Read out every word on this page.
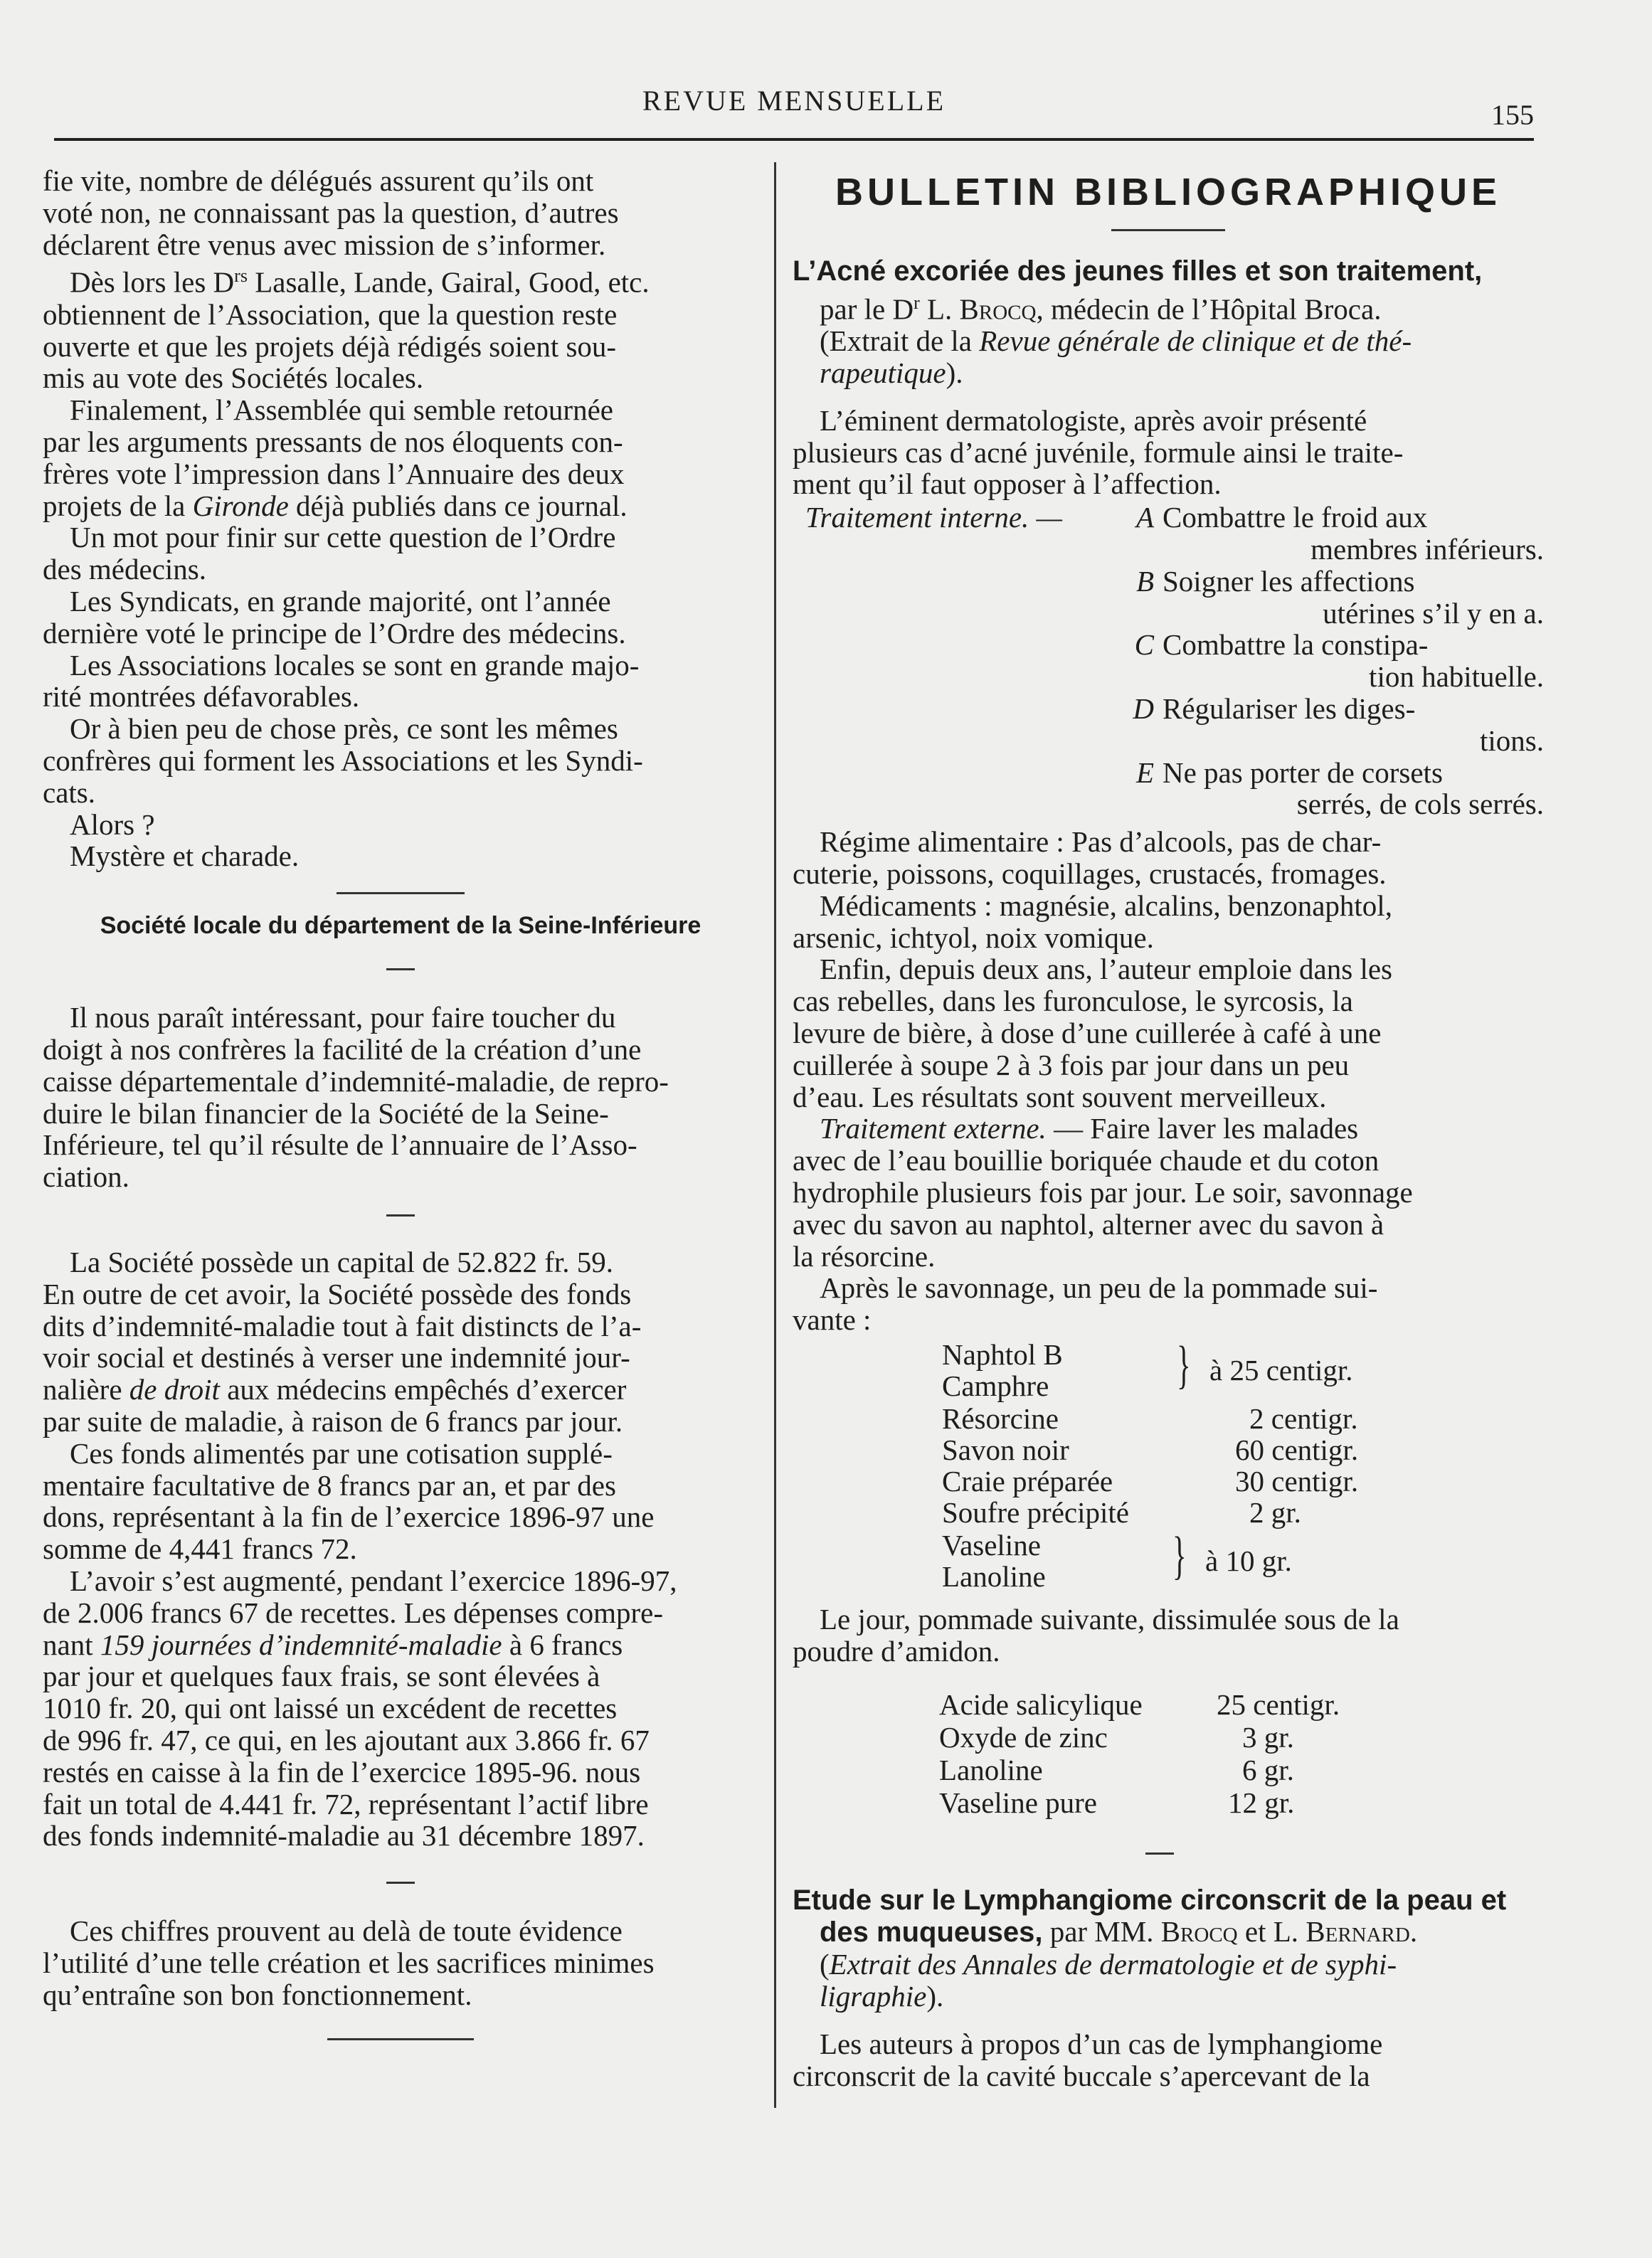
REVUE MENSUELLE	155

fie vite, nombre de délégués assurent qu’ils ont

voté non, ne connaissant pas la question, d’autres

déclarent être venus avec mission de s’informer.

Dès lors les $D^{rs}$ Lasalle, Lande, Gairal, Good, etc.

obtiennent de l’Association, que la question reste

ouverte et que les projets déjà rédigés soient sou-

mis au vote des Sociétés locales.

Finalement, l’Assemblée qui semble retournée

par les arguments pressants de nos éloquents con-

frères vote l’impression dans l’Annuaire des deux

projets de la Gironde déjà publiés dans ce journal.

Un mot pour finir sur cette question de l’Ordre

des médecins.

Les Syndicats, en grande majorité, ont l’année

dernière voté le principe de l’Ordre des médecins.

Les Associations locales se sont en grande majo-

rité montrées défavorables.

Or à bien peu de chose près, ce sont les mêmes

confrères qui forment les Associations et les Syndi-

cats.

Alors ?

Mystère et charade.

Société locale du département de la Seine-Inférieure

Il nous paraît intéressant, pour faire toucher du

doigt à nos confrères la facilité de la création d’une

caisse départementale d’indemnité-maladie, de repro-

duire le bilan financier de la Société de la Seine-

Inférieure, tel qu’il résulte de l’annuaire de l’Asso-

ciation.

La Société possède un capital de 52.822 fr. 59.

En outre de cet avoir, la Société possède des fonds

dits d’indemnité-maladie tout à fait distincts de l’a-

voir social et destinés à verser une indemnité jour-

nalière de droit aux médecins empêchés d’exercer

par suite de maladie, à raison de 6 francs par jour.

Ces fonds alimentés par une cotisation supplé-

mentaire facultative de 8 francs par an, et par des

dons, représentant à la fin de l’exercice 1896-97 une

somme de 4,441 francs 72.

L’avoir s’est augmenté, pendant l’exercice 1896-97,

de 2.006 francs 67 de recettes. Les dépenses compre-

nant 159 journées d’indemnité-maladie à 6 francs

par jour et quelques faux frais, se sont élevées à

1010 fr. 20, qui ont laissé un excédent de recettes

de 996 fr. 47, ce qui, en les ajoutant aux 3.866 fr. 67

restés en caisse à la fin de l’exercice 1895-96. nous

fait un total de 4.441 fr. 72, représentant l’actif libre

des fonds indemnité-maladie au 31 décembre 1897.

Ces chiffres prouvent au delà de toute évidence

l’utilité d’une telle création et les sacrifices minimes

qu’entraîne son bon fonctionnement.

BULLETIN BIBLIOGRAPHIQUE

L’Acné excoriée des jeunes filles et son traitement,

par le $D^r$ L. Brocq, médecin de l’Hôpital Broca.

(Extrait de la Revue générale de clinique et de thé-

rapeutique).

L’éminent dermatologiste, après avoir présenté

plusieurs cas d’acné juvénile, formule ainsi le traite-

ment qu’il faut opposer à l’affection.

Traitement interne. —	A Combattre le froid aux

membres inférieurs.

B Soigner les affections

utérines s’il y en a.

C Combattre la constipa-

tion habituelle.

D Régulariser les diges-

tions.

E Ne pas porter de corsets

serrés, de cols serrés.

Régime alimentaire : Pas d’alcools, pas de char-

cuterie, poissons, coquillages, crustacés, fromages.

Médicaments : magnésie, alcalins, benzonaphtol,

arsenic, ichtyol, noix vomique.

Enfin, depuis deux ans, l’auteur emploie dans les

cas rebelles, dans les furonculose, le syrcosis, la

levure de bière, à dose d’une cuillerée à café à une

cuillerée à soupe 2 à 3 fois par jour dans un peu

d’eau. Les résultats sont souvent merveilleux.

Traitement externe. — Faire laver les malades

avec de l’eau bouillie boriquée chaude et du coton

hydrophile plusieurs fois par jour. Le soir, savonnage

avec du savon au naphtol, alterner avec du savon à

la résorcine.

Après le savonnage, un peu de la pommade sui-

vante :

Naphtol B
Camphre } à 25 centigr.
Résorcine	2 centigr.
Savon noir	60 centigr.
Craie préparée	30 centigr.
Soufre précipité	2 gr.
Vaseline
Lanoline } à 10 gr.

Le jour, pommade suivante, dissimulée sous de la

poudre d’amidon.

Acide salicylique	25 centigr.
Oxyde de zinc	3 gr.
Lanoline	6 gr.
Vaseline pure	12 gr.

Etude sur le Lymphangiome circonscrit de la peau et

des muqueuses, par MM. Brocq et L. Bernard.

(Extrait des Annales de dermatologie et de syphi-

ligraphie).

Les auteurs à propos d’un cas de lymphangiome

circonscrit de la cavité buccale s’apercevant de la
